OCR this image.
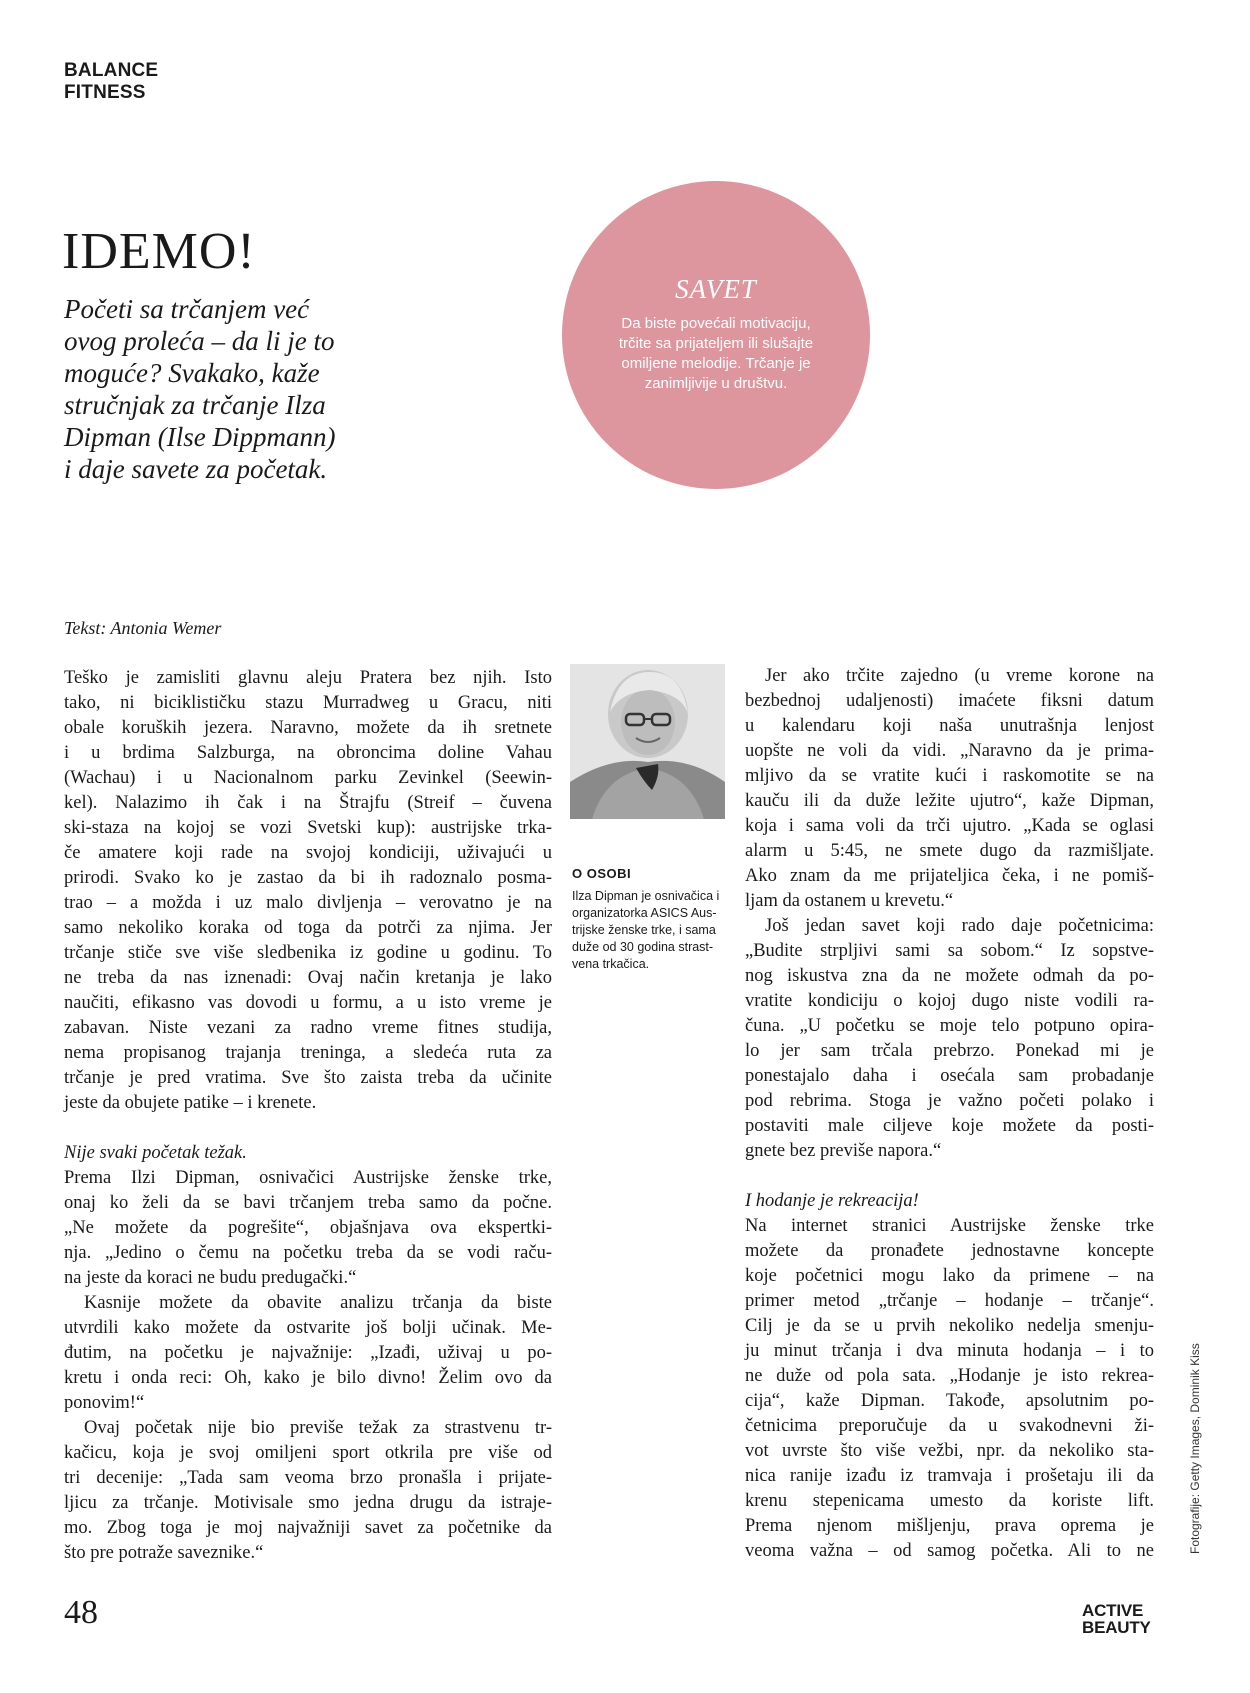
BALANCE
FITNESS
IDEMO!
Početi sa trčanjem već
ovog proleća – da li je to
moguće? Svakako, kaže
stručnjak za trčanje Ilza
Dipman (Ilse Dippmann)
i daje savete za početak.
SAVET
Da biste povećali motivaciju,
trčite sa prijateljem ili slušajte
omiljene melodije. Trčanje je
zanimljivije u društvu.
Tekst: Antonia Wemer
Teško je zamisliti glavnu aleju Pratera bez njih. Isto
tako, ni biciklističku stazu Murradweg u Gracu, niti
obale koruških jezera. Naravno, možete da ih sretnete
i u brdima Salzburga, na obroncima doline Vahau
(Wachau) i u Nacionalnom parku Zevinkel (Seewin-
kel). Nalazimo ih čak i na Štrajfu (Streif – čuvena
ski-staza na kojoj se vozi Svetski kup): austrijske trka-
če amatere koji rade na svojoj kondiciji, uživajući u
prirodi. Svako ko je zastao da bi ih radoznalo posma-
trao – a možda i uz malo divljenja – verovatno je na
samo nekoliko koraka od toga da potrči za njima. Jer
trčanje stiče sve više sledbenika iz godine u godinu. To
ne treba da nas iznenadi: Ovaj način kretanja je lako
naučiti, efikasno vas dovodi u formu, a u isto vreme je
zabavan. Niste vezani za radno vreme fitnes studija,
nema propisanog trajanja treninga, a sledeća ruta za
trčanje je pred vratima. Sve što zaista treba da učinite
jeste da obujete patike – i krenete.
Nije svaki početak težak.
Prema Ilzi Dipman, osnivačici Austrijske ženske trke,
onaj ko želi da se bavi trčanjem treba samo da počne.
„Ne možete da pogrešite“, objašnjava ova ekspertki-
nja. „Jedino o čemu na početku treba da se vodi raču-
na jeste da koraci ne budu predugački.“
Kasnije možete da obavite analizu trčanja da biste
utvrdili kako možete da ostvarite još bolji učinak. Me-
đutim, na početku je najvažnije: „Izađi, uživaj u po-
kretu i onda reci: Oh, kako je bilo divno! Želim ovo da
ponovim!“
Ovaj početak nije bio previše težak za strastvenu tr-
kačicu, koja je svoj omiljeni sport otkrila pre više od
tri decenije: „Tada sam veoma brzo pronašla i prijate-
ljicu za trčanje. Motivisale smo jedna drugu da istraje-
mo. Zbog toga je moj najvažniji savet za početnike da
što pre potraže saveznike.“
O OSOBI
Ilza Dipman je osnivačica i
organizatorka ASICS Aus-
trijske ženske trke, i sama
duže od 30 godina strast-
vena trkačica.
Jer ako trčite zajedno (u vreme korone na
bezbednoj udaljenosti) imaćete fiksni datum
u kalendaru koji naša unutrašnja lenjost
uopšte ne voli da vidi. „Naravno da je prima-
mljivo da se vratite kući i raskomotite se na
kauču ili da duže ležite ujutro“, kaže Dipman,
koja i sama voli da trči ujutro. „Kada se oglasi
alarm u 5:45, ne smete dugo da razmišljate.
Ako znam da me prijateljica čeka, i ne pomiš-
ljam da ostanem u krevetu.“
Još jedan savet koji rado daje početnicima:
„Budite strpljivi sami sa sobom.“ Iz sopstve-
nog iskustva zna da ne možete odmah da po-
vratite kondiciju o kojoj dugo niste vodili ra-
čuna. „U početku se moje telo potpuno opira-
lo jer sam trčala prebrzo. Ponekad mi je
ponestajalo daha i osećala sam probadanje
pod rebrima. Stoga je važno početi polako i
postaviti male ciljeve koje možete da posti-
gnete bez previše napora.“
I hodanje je rekreacija!
Na internet stranici Austrijske ženske trke
možete da pronađete jednostavne koncepte
koje početnici mogu lako da primene – na
primer metod „trčanje – hodanje – trčanje“.
Cilj je da se u prvih nekoliko nedelja smenju-
ju minut trčanja i dva minuta hodanja – i to
ne duže od pola sata. „Hodanje je isto rekrea-
cija“, kaže Dipman. Takođe, apsolutnim po-
četnicima preporučuje da u svakodnevni ži-
vot uvrste što više vežbi, npr. da nekoliko sta-
nica ranije izađu iz tramvaja i prošetaju ili da
krenu stepenicama umesto da koriste lift.
Prema njenom mišljenju, prava oprema je
veoma važna – od samog početka. Ali to ne	Fotografije: Getty Images, Dominik Kiss
48	ACTIVE
BEAUTY
